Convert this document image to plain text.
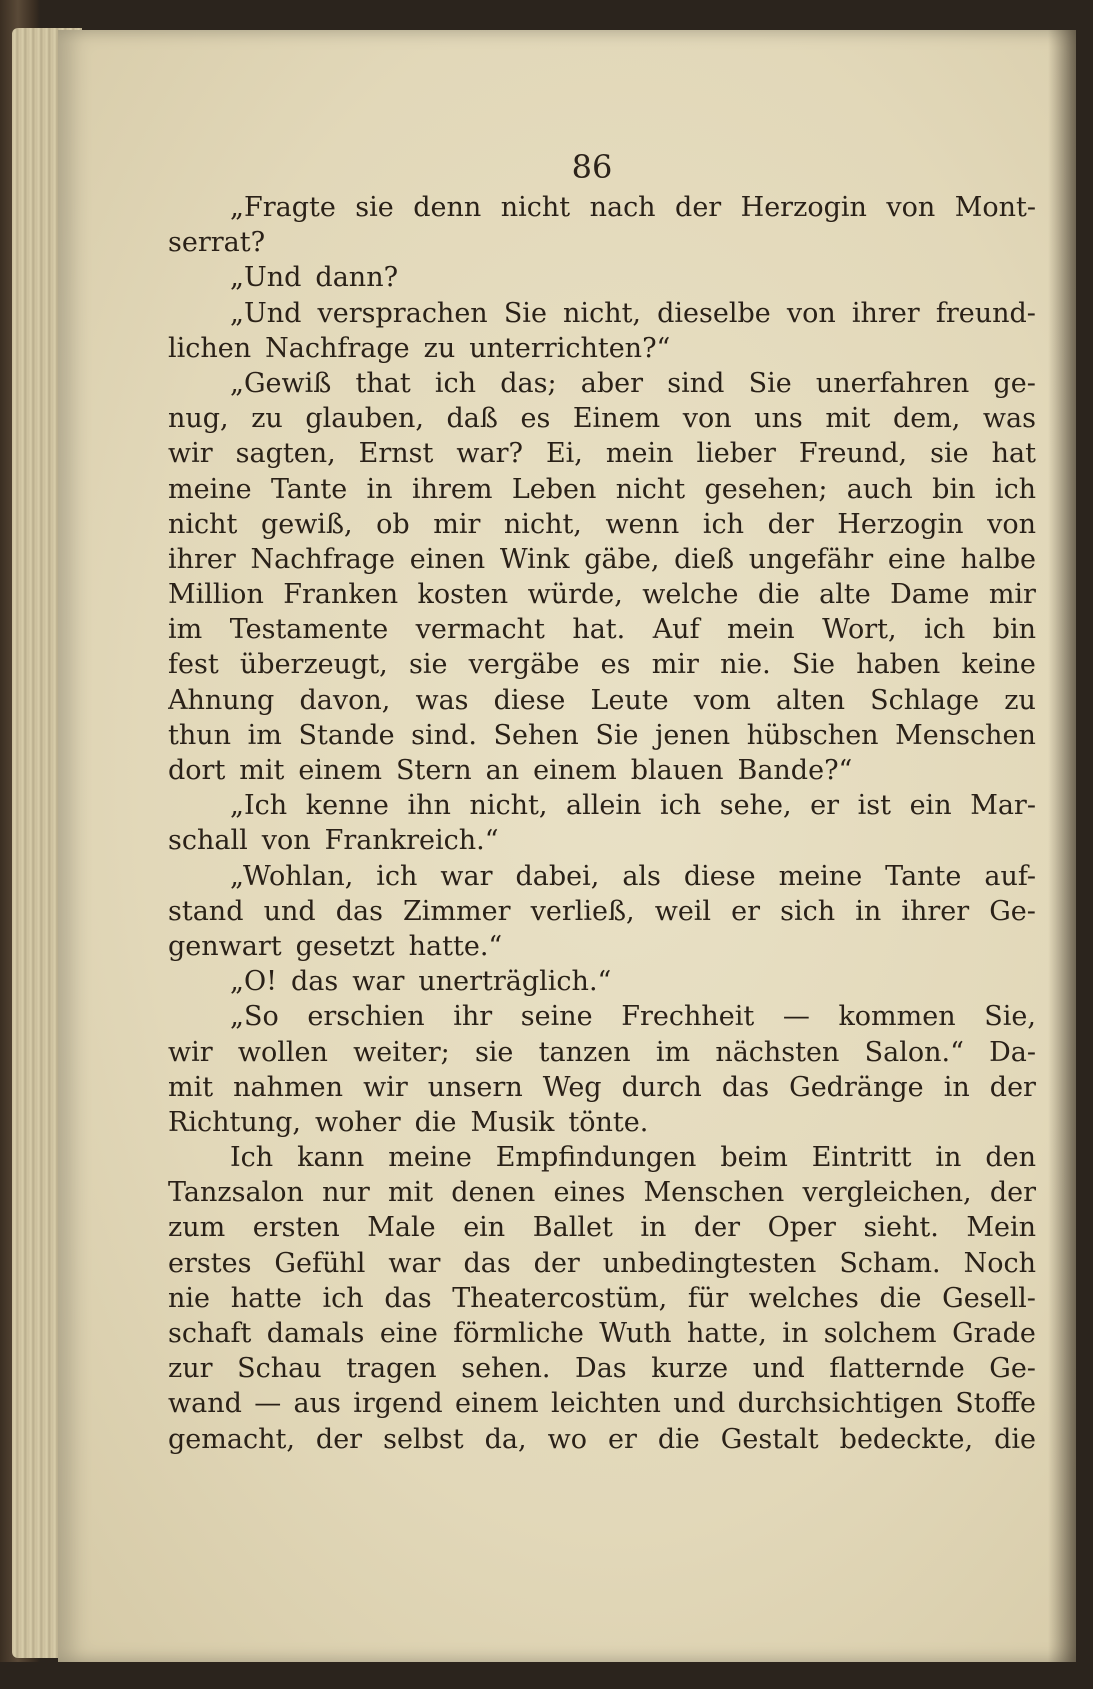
86
„Fragte sie denn nicht nach der Herzogin von Mont-
serrat?
„Und dann?
„Und versprachen Sie nicht, dieselbe von ihrer freund-
lichen Nachfrage zu unterrichten?“
„Gewiß that ich das; aber sind Sie unerfahren ge-
nug, zu glauben, daß es Einem von uns mit dem, was
wir sagten, Ernst war? Ei, mein lieber Freund, sie hat
meine Tante in ihrem Leben nicht gesehen; auch bin ich
nicht gewiß, ob mir nicht, wenn ich der Herzogin von
ihrer Nachfrage einen Wink gäbe, dieß ungefähr eine halbe
Million Franken kosten würde, welche die alte Dame mir
im Testamente vermacht hat. Auf mein Wort, ich bin
fest überzeugt, sie vergäbe es mir nie. Sie haben keine
Ahnung davon, was diese Leute vom alten Schlage zu
thun im Stande sind. Sehen Sie jenen hübschen Menschen
dort mit einem Stern an einem blauen Bande?“
„Ich kenne ihn nicht, allein ich sehe, er ist ein Mar-
schall von Frankreich.“
„Wohlan, ich war dabei, als diese meine Tante auf-
stand und das Zimmer verließ, weil er sich in ihrer Ge-
genwart gesetzt hatte.“
„O! das war unerträglich.“
„So erschien ihr seine Frechheit — kommen Sie,
wir wollen weiter; sie tanzen im nächsten Salon.“ Da-
mit nahmen wir unsern Weg durch das Gedränge in der
Richtung, woher die Musik tönte.
Ich kann meine Empfindungen beim Eintritt in den
Tanzsalon nur mit denen eines Menschen vergleichen, der
zum ersten Male ein Ballet in der Oper sieht. Mein
erstes Gefühl war das der unbedingtesten Scham. Noch
nie hatte ich das Theatercostüm, für welches die Gesell-
schaft damals eine förmliche Wuth hatte, in solchem Grade
zur Schau tragen sehen. Das kurze und flatternde Ge-
wand — aus irgend einem leichten und durchsichtigen Stoffe
gemacht, der selbst da, wo er die Gestalt bedeckte, die
